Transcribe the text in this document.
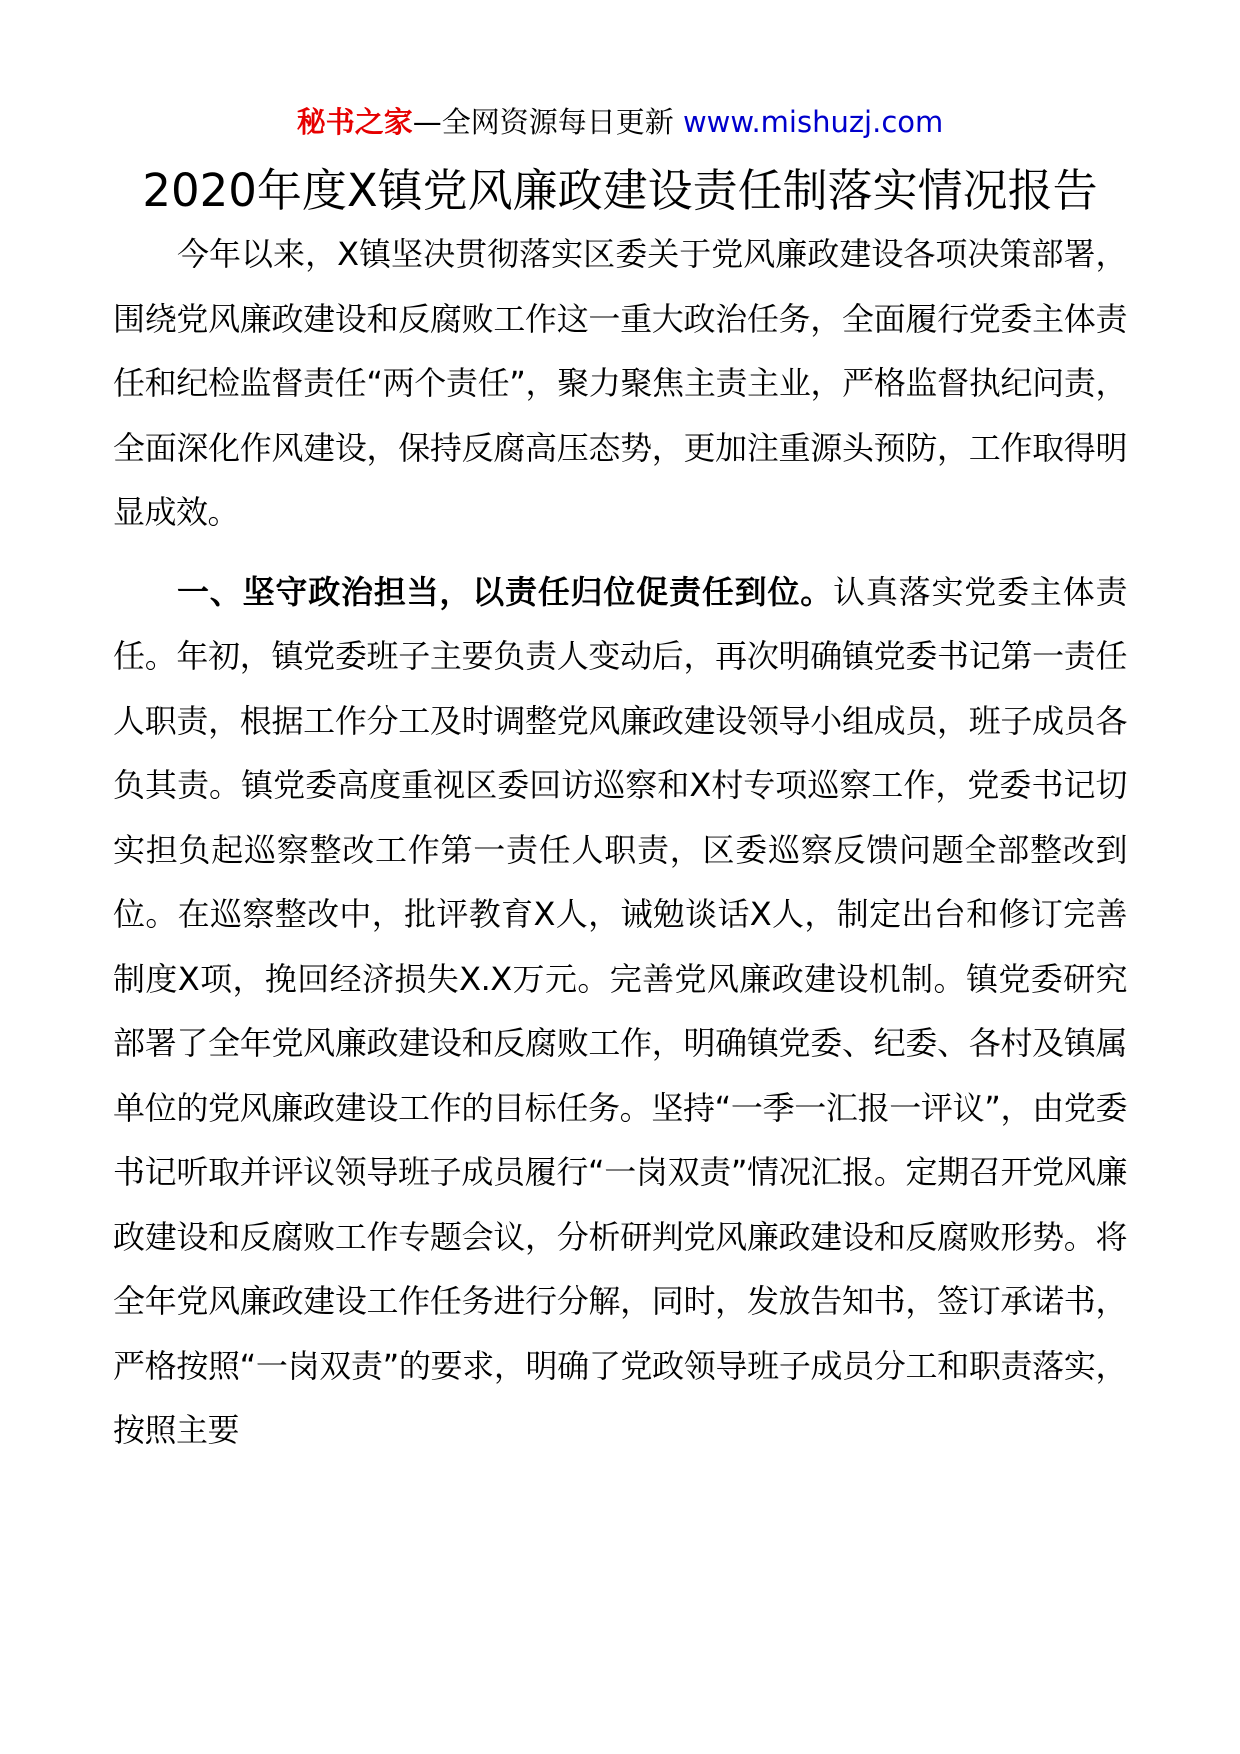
秘书之家—全网资源每日更新 www.mishuzj.com
2020年度X镇党风廉政建设责任制落实情况报告

今年以来，X镇坚决贯彻落实区委关于党风廉政建设各项决策部署，围绕党风廉政建设和反腐败工作这一重大政治任务，全面履行党委主体责任和纪检监督责任“两个责任”，聚力聚焦主责主业，严格监督执纪问责，全面深化作风建设，保持反腐高压态势，更加注重源头预防，工作取得明显成效。

一、坚守政治担当，以责任归位促责任到位。认真落实党委主体责任。年初，镇党委班子主要负责人变动后，再次明确镇党委书记第一责任人职责，根据工作分工及时调整党风廉政建设领导小组成员，班子成员各负其责。镇党委高度重视区委回访巡察和X村专项巡察工作，党委书记切实担负起巡察整改工作第一责任人职责，区委巡察反馈问题全部整改到位。在巡察整改中，批评教育X人，诫勉谈话X人，制定出台和修订完善制度X项，挽回经济损失X.X万元。完善党风廉政建设机制。镇党委研究部署了全年党风廉政建设和反腐败工作，明确镇党委、纪委、各村及镇属单位的党风廉政建设工作的目标任务。坚持“一季一汇报一评议”，由党委书记听取并评议领导班子成员履行“一岗双责”情况汇报。定期召开党风廉政建设和反腐败工作专题会议，分析研判党风廉政建设和反腐败形势。将全年党风廉政建设工作任务进行分解，同时，发放告知书，签订承诺书，严格按照“一岗双责”的要求，明确了党政领导班子成员分工和职责落实，按照主要
